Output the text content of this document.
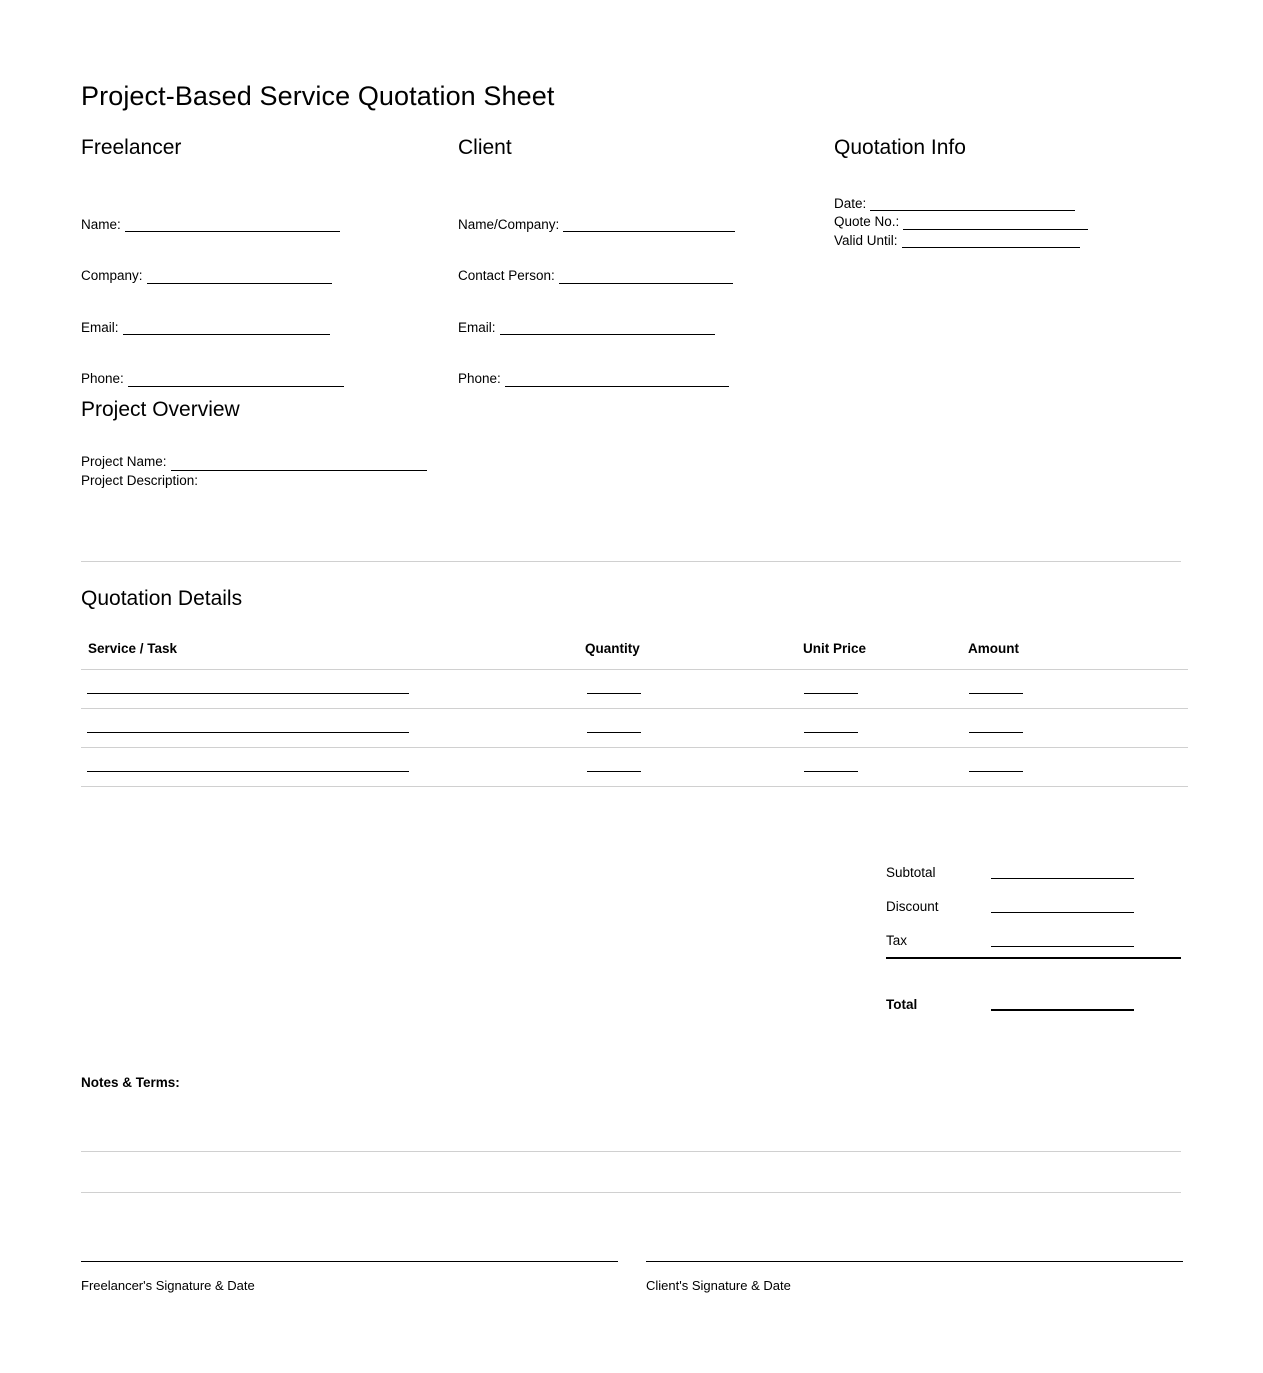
Project-Based Service Quotation Sheet
Freelancer
Name:
Company:
Email:
Phone:
Client
Name/Company:
Contact Person:
Email:
Phone:
Quotation Info
Date:
Quote No.:
Valid Until:
Project Overview
Project Name:
Project Description:
Quotation Details
Service / Task	Quantity	Unit Price	Amount

Subtotal
Discount
Tax
Total
Notes & Terms:
Freelancer's Signature & Date	Client's Signature & Date
